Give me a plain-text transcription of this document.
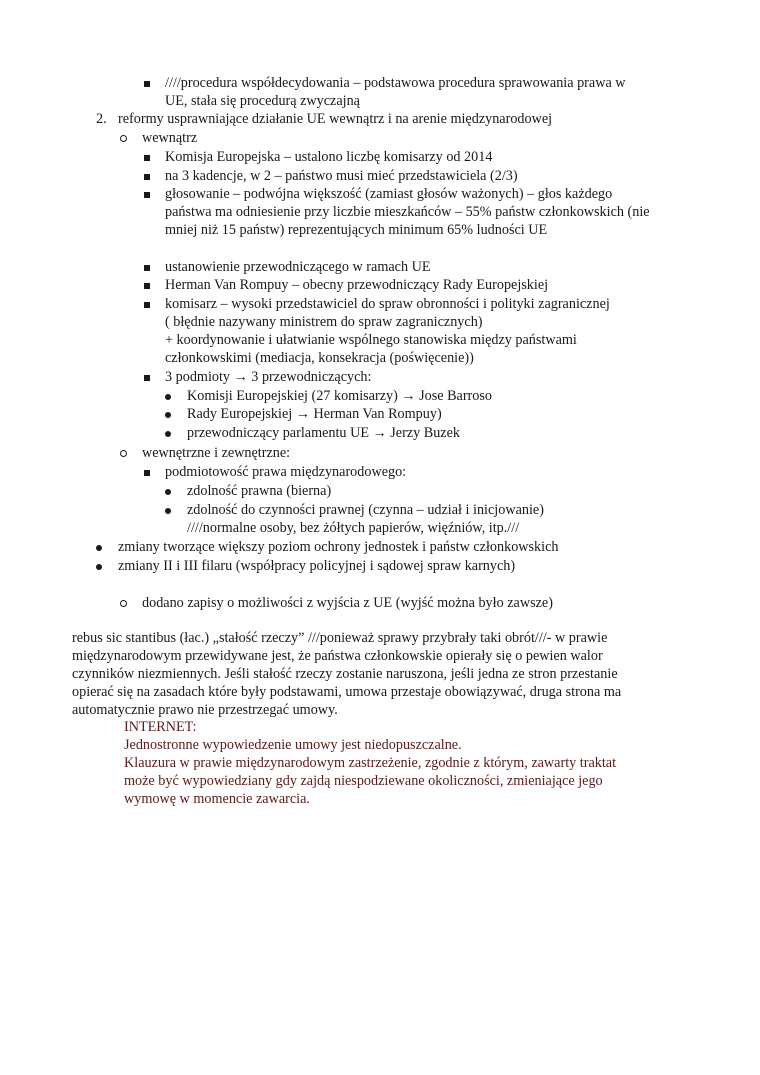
////procedura współdecydowania – podstawowa procedura sprawowania prawa w
UE, stała się procedurą zwyczajną
2. reformy usprawniające działanie UE wewnątrz i na arenie międzynarodowej
wewnątrz
Komisja Europejska – ustalono liczbę komisarzy od 2014
na 3 kadencje, w 2 – państwo musi mieć przedstawiciela (2/3)
głosowanie – podwójna większość (zamiast głosów ważonych) – głos każdego
państwa ma odniesienie przy liczbie mieszkańców – 55% państw członkowskich (nie
mniej niż 15 państw) reprezentujących minimum 65% ludności UE
ustanowienie przewodniczącego w ramach UE
Herman Van Rompuy – obecny przewodniczący Rady Europejskiej
komisarz – wysoki przedstawiciel do spraw obronności i polityki zagranicznej
( błędnie nazywany ministrem do spraw zagranicznych)
+ koordynowanie i ułatwianie wspólnego stanowiska między państwami
członkowskimi (mediacja, konsekracja (poświęcenie))
3 podmioty → 3 przewodniczących:
Komisji Europejskiej (27 komisarzy) → Jose Barroso
Rady Europejskiej → Herman Van Rompuy)
przewodniczący parlamentu UE → Jerzy Buzek
wewnętrzne i zewnętrzne:
podmiotowość prawa międzynarodowego:
zdolność prawna (bierna)
zdolność do czynności prawnej (czynna – udział i inicjowanie)
////normalne osoby, bez żółtych papierów, więźniów, itp.///
zmiany tworzące większy poziom ochrony jednostek i państw członkowskich
zmiany II i III filaru (współpracy policyjnej i sądowej spraw karnych)
dodano zapisy o możliwości z wyjścia z UE (wyjść można było zawsze)
rebus sic stantibus (łac.) „stałość rzeczy” ///ponieważ sprawy przybrały taki obrót///- w prawie
międzynarodowym przewidywane jest, że państwa członkowskie opierały się o pewien walor
czynników niezmiennych. Jeśli stałość rzeczy zostanie naruszona, jeśli jedna ze stron przestanie
opierać się na zasadach które były podstawami, umowa przestaje obowiązywać, druga strona ma
automatycznie prawo nie przestrzegać umowy.
INTERNET:
Jednostronne wypowiedzenie umowy jest niedopuszczalne.
Klauzura w prawie międzynarodowym zastrzeżenie, zgodnie z którym, zawarty traktat
może być wypowiedziany gdy zajdą niespodziewane okoliczności, zmieniające jego
wymowę w momencie zawarcia.
